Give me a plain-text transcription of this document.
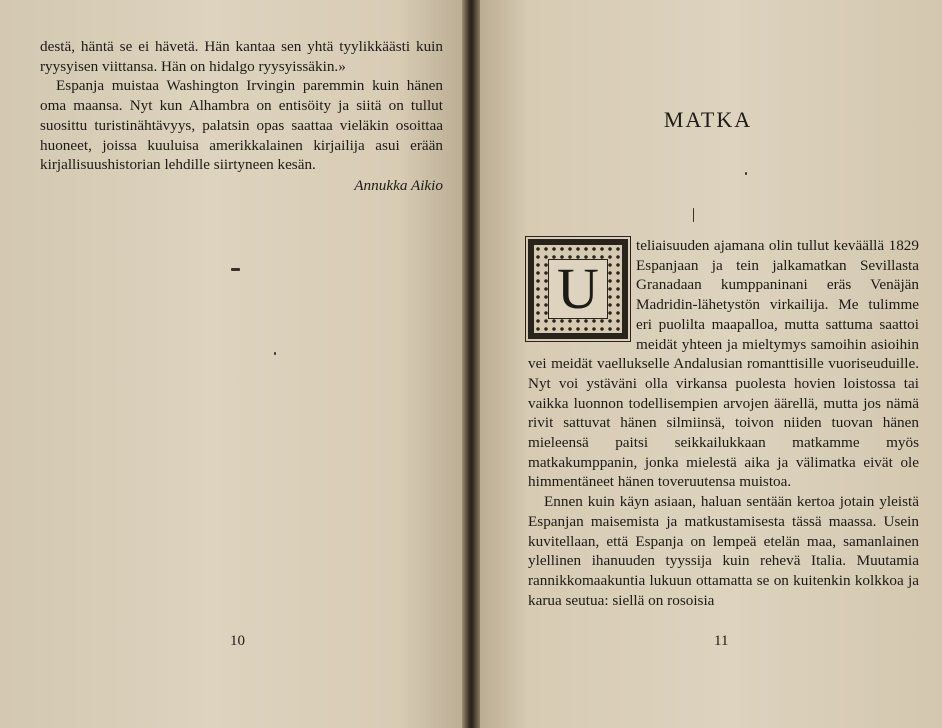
destä, häntä se ei hävetä. Hän kantaa sen yhtä tyylikkäästi kuin ryysyisen viittansa. Hän on hidalgo ryysyissäkin.»

Espanja muistaa Washington Irvingin paremmin kuin hänen oma maansa. Nyt kun Alhambra on entisöity ja siitä on tullut suosittu turistinähtävyys, palatsin opas saattaa vieläkin osoittaa huoneet, joissa kuuluisa amerikkalainen kirjailija asui erään kirjallisuushistorian lehdille siirtyneen kesän.

Annukka Aikio

10
MATKA
U

teliaisuuden ajamana olin tullut keväällä 1829 Espanjaan ja tein jalkamatkan Sevillasta Granadaan kumppaninani eräs Venäjän Madridin-lähetystön virkailija. Me tulimme eri puolilta maapalloa, mutta sattuma saattoi meidät yhteen ja mieltymys samoihin asioihin vei meidät vaellukselle Andalusian romanttisille vuoriseuduille. Nyt voi ystäväni olla virkansa puolesta hovien loistossa tai vaikka luonnon todellisempien arvojen äärellä, mutta jos nämä rivit sattuvat hänen silmiinsä, toivon niiden tuovan hänen mieleensä paitsi seikkailukkaan matkamme myös matkakumppanin, jonka mielestä aika ja välimatka eivät ole himmentäneet hänen toveruutensa muistoa.

Ennen kuin käyn asiaan, haluan sentään kertoa jotain yleistä Espanjan maisemista ja matkustamisesta tässä maassa. Usein kuvitellaan, että Espanja on lempeä etelän maa, samanlainen ylellinen ihanuuden tyyssija kuin rehevä Italia. Muutamia rannikkomaakuntia lukuun ottamatta se on kuitenkin kolkkoa ja karua seutua: siellä on rosoisia

11
